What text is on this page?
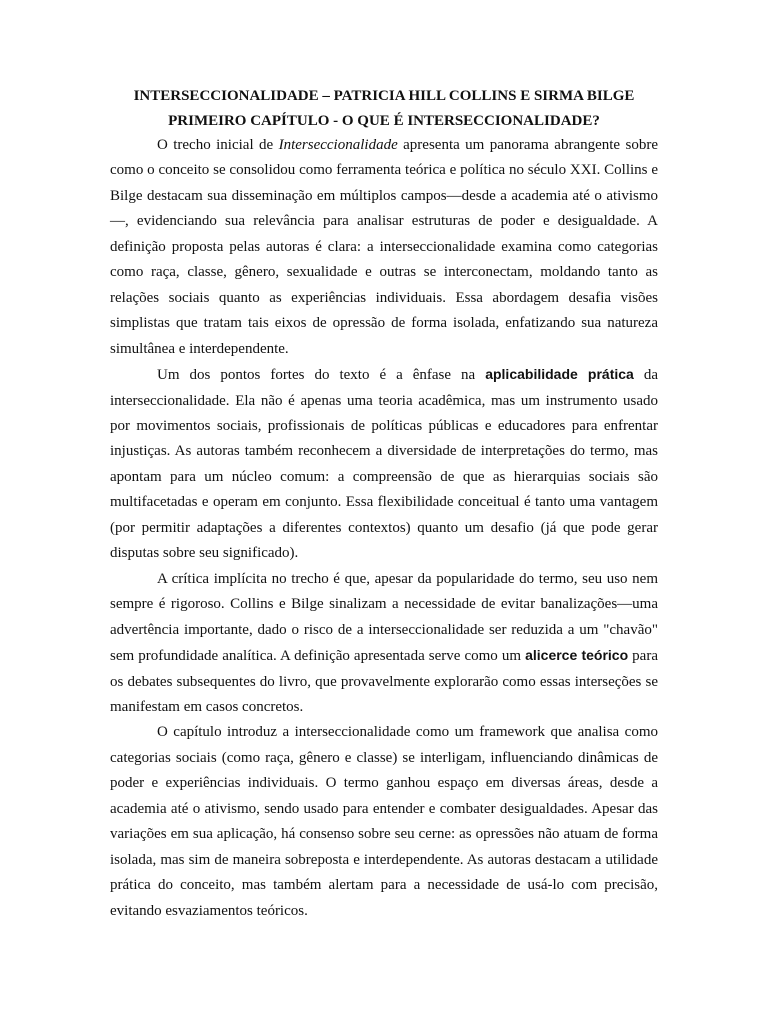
INTERSECCIONALIDADE – PATRICIA HILL COLLINS E SIRMA BILGE

PRIMEIRO CAPÍTULO - O QUE É INTERSECCIONALIDADE?

O trecho inicial de Interseccionalidade apresenta um panorama abrangente sobre como o conceito se consolidou como ferramenta teórica e política no século XXI. Collins e Bilge destacam sua disseminação em múltiplos campos—desde a academia até o ativismo—, evidenciando sua relevância para analisar estruturas de poder e desigualdade. A definição proposta pelas autoras é clara: a interseccionalidade examina como categorias como raça, classe, gênero, sexualidade e outras se interconectam, moldando tanto as relações sociais quanto as experiências individuais. Essa abordagem desafia visões simplistas que tratam tais eixos de opressão de forma isolada, enfatizando sua natureza simultânea e interdependente.

Um dos pontos fortes do texto é a ênfase na aplicabilidade prática da interseccionalidade. Ela não é apenas uma teoria acadêmica, mas um instrumento usado por movimentos sociais, profissionais de políticas públicas e educadores para enfrentar injustiças. As autoras também reconhecem a diversidade de interpretações do termo, mas apontam para um núcleo comum: a compreensão de que as hierarquias sociais são multifacetadas e operam em conjunto. Essa flexibilidade conceitual é tanto uma vantagem (por permitir adaptações a diferentes contextos) quanto um desafio (já que pode gerar disputas sobre seu significado).

A crítica implícita no trecho é que, apesar da popularidade do termo, seu uso nem sempre é rigoroso. Collins e Bilge sinalizam a necessidade de evitar banalizações—uma advertência importante, dado o risco de a interseccionalidade ser reduzida a um "chavão" sem profundidade analítica. A definição apresentada serve como um alicerce teórico para os debates subsequentes do livro, que provavelmente explorarão como essas interseções se manifestam em casos concretos.

O capítulo introduz a interseccionalidade como um framework que analisa como categorias sociais (como raça, gênero e classe) se interligam, influenciando dinâmicas de poder e experiências individuais. O termo ganhou espaço em diversas áreas, desde a academia até o ativismo, sendo usado para entender e combater desigualdades. Apesar das variações em sua aplicação, há consenso sobre seu cerne: as opressões não atuam de forma isolada, mas sim de maneira sobreposta e interdependente. As autoras destacam a utilidade prática do conceito, mas também alertam para a necessidade de usá-lo com precisão, evitando esvaziamentos teóricos.
